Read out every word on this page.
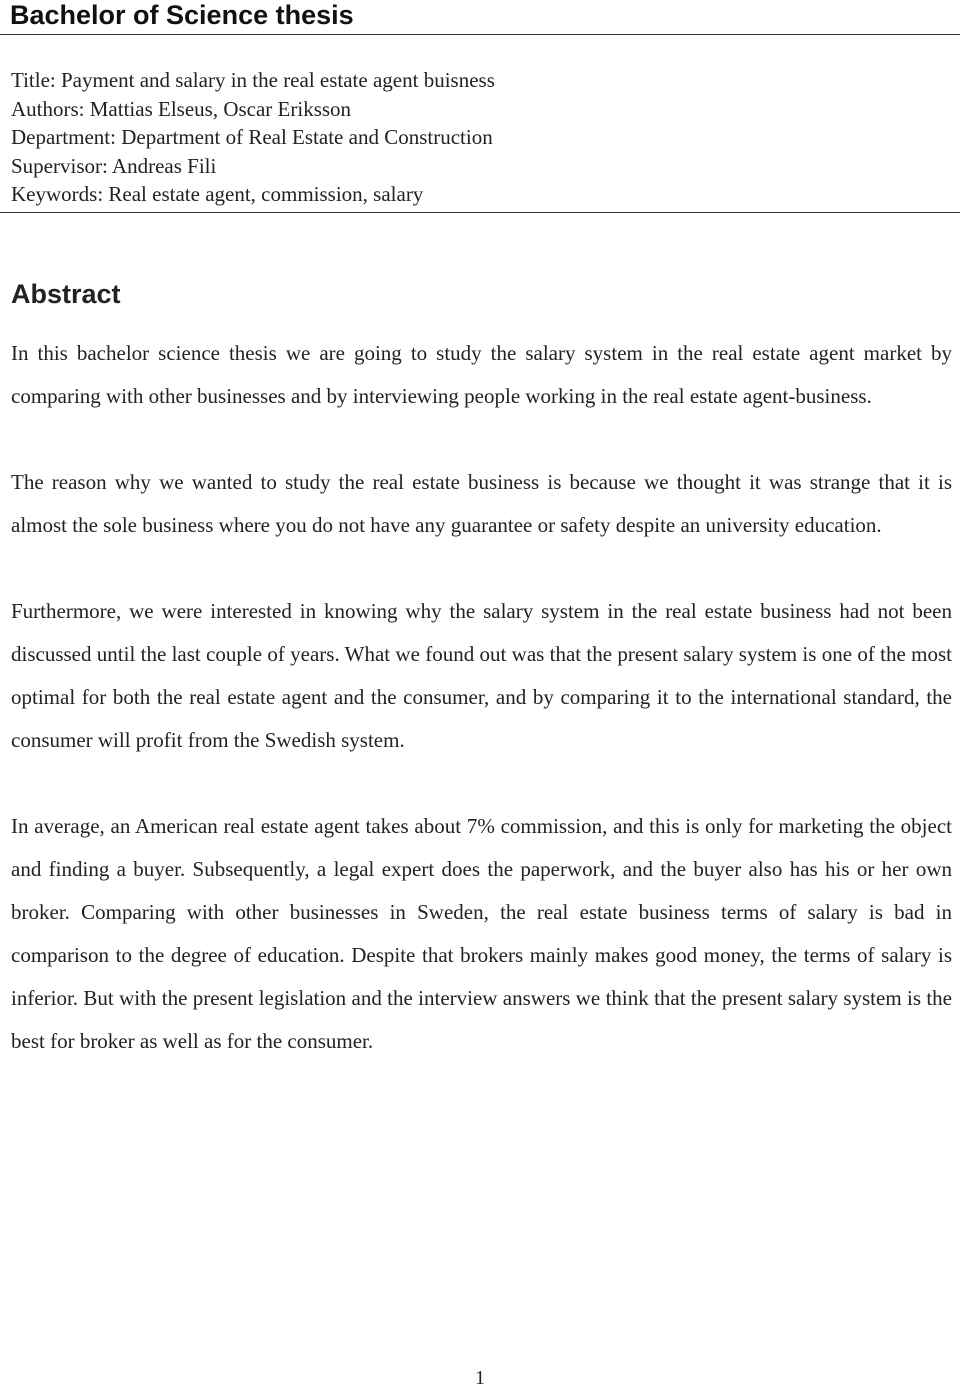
Bachelor of Science thesis
Title: Payment and salary in the real estate agent buisness
Authors: Mattias Elseus, Oscar Eriksson
Department: Department of Real Estate and Construction
Supervisor: Andreas Fili
Keywords: Real estate agent, commission, salary
Abstract

In this bachelor science thesis we are going to study the salary system in the real estate agent market by comparing with other businesses and by interviewing people working in the real estate agent-business.

The reason why we wanted to study the real estate business is because we thought it was strange that it is almost the sole business where you do not have any guarantee or safety despite an university education.

Furthermore, we were interested in knowing why the salary system in the real estate business had not been discussed until the last couple of years. What we found out was that the present salary system is one of the most optimal for both the real estate agent and the consumer, and by comparing it to the international standard, the consumer will profit from the Swedish system.

In average, an American real estate agent takes about 7% commission, and this is only for marketing the object and finding a buyer. Subsequently, a legal expert does the paperwork, and the buyer also has his or her own broker. Comparing with other businesses in Sweden, the real estate business terms of salary is bad in comparison to the degree of education. Despite that brokers mainly makes good money, the terms of salary is inferior. But with the present legislation and the interview answers we think that the present salary system is the best for broker as well as for the consumer.

1
